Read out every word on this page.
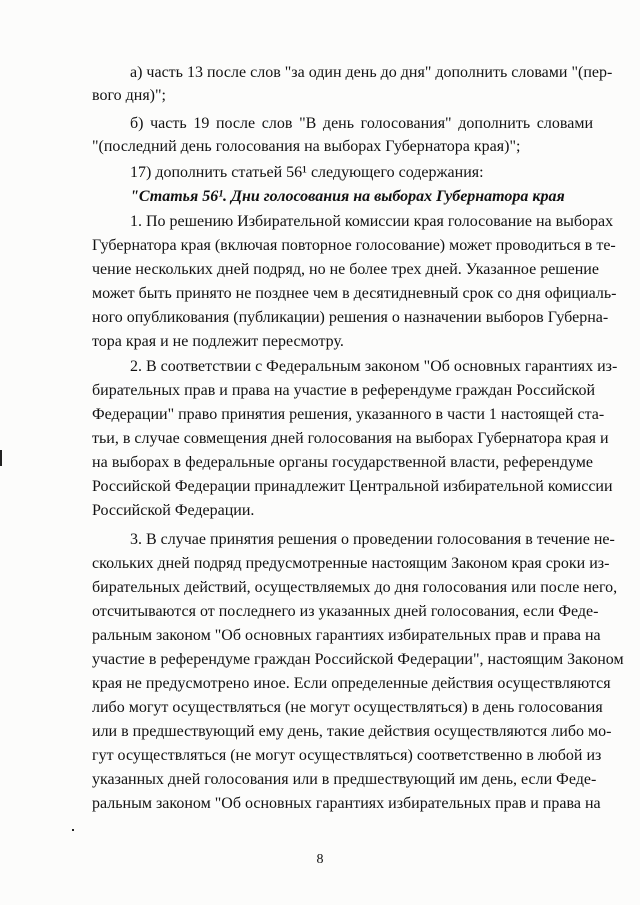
а) часть 13 после слов "за один день до дня" дополнить словами "(пер-
вого дня)";
б) часть 19 после слов "В день голосования" дополнить словами
"(последний день голосования на выборах Губернатора края)";
17) дополнить статьей 56¹ следующего содержания:
"Статья 56¹. Дни голосования на выборах Губернатора края
1. По решению Избирательной комиссии края голосование на выборах
Губернатора края (включая повторное голосование) может проводиться в те-
чение нескольких дней подряд, но не более трех дней. Указанное решение
может быть принято не позднее чем в десятидневный срок со дня официаль-
ного опубликования (публикации) решения о назначении выборов Губерна-
тора края и не подлежит пересмотру.
2. В соответствии с Федеральным законом "Об основных гарантиях из-
бирательных прав и права на участие в референдуме граждан Российской
Федерации" право принятия решения, указанного в части 1 настоящей ста-
тьи, в случае совмещения дней голосования на выборах Губернатора края и
на выборах в федеральные органы государственной власти, референдуме
Российской Федерации принадлежит Центральной избирательной комиссии
Российской Федерации.
3. В случае принятия решения о проведении голосования в течение не-
скольких дней подряд предусмотренные настоящим Законом края сроки из-
бирательных действий, осуществляемых до дня голосования или после него,
отсчитываются от последнего из указанных дней голосования, если Феде-
ральным законом "Об основных гарантиях избирательных прав и права на
участие в референдуме граждан Российской Федерации", настоящим Законом
края не предусмотрено иное. Если определенные действия осуществляются
либо могут осуществляться (не могут осуществляться) в день голосования
или в предшествующий ему день, такие действия осуществляются либо мо-
гут осуществляться (не могут осуществляться) соответственно в любой из
указанных дней голосования или в предшествующий им день, если Феде-
ральным законом "Об основных гарантиях избирательных прав и права на
8
